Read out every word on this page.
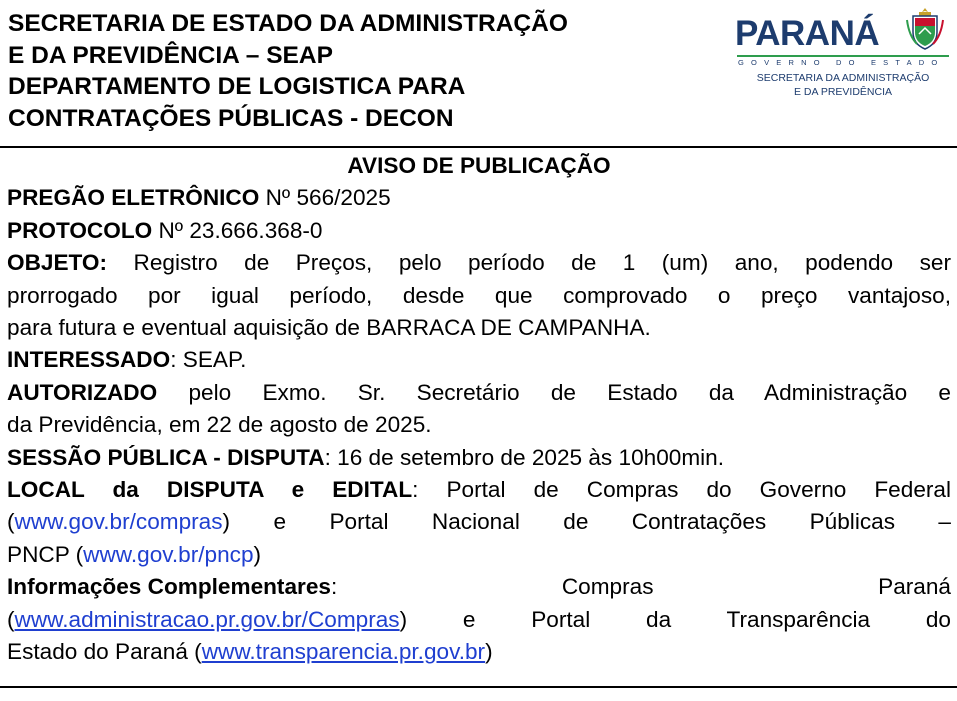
SECRETARIA DE ESTADO DA ADMINISTRAÇÃO
E DA PREVIDÊNCIA – SEAP
DEPARTAMENTO DE LOGISTICA PARA
CONTRATAÇÕES PÚBLICAS - DECON
PARANÁ
GOVERNO DO ESTADO
SECRETARIA DA ADMINISTRAÇÃO
E DA PREVIDÊNCIA
AVISO DE PUBLICAÇÃO
PREGÃO ELETRÔNICO Nº 566/2025
PROTOCOLO Nº 23.666.368-0
OBJETO: Registro de Preços, pelo período de 1 (um) ano, podendo ser
prorrogado por igual período, desde que comprovado o preço vantajoso,
para futura e eventual aquisição de BARRACA DE CAMPANHA.
INTERESSADO: SEAP.
AUTORIZADO pelo Exmo. Sr. Secretário de Estado da Administração e
da Previdência, em 22 de agosto de 2025.
SESSÃO PÚBLICA - DISPUTA: 16 de setembro de 2025 às 10h00min.
LOCAL da DISPUTA e EDITAL: Portal de Compras do Governo Federal
(www.gov.br/compras) e Portal Nacional de Contratações Públicas –
PNCP (www.gov.br/pncp)
Informações Complementares:	Compras	Paraná
(www.administracao.pr.gov.br/Compras) e Portal da Transparência do
Estado do Paraná (www.transparencia.pr.gov.br)
